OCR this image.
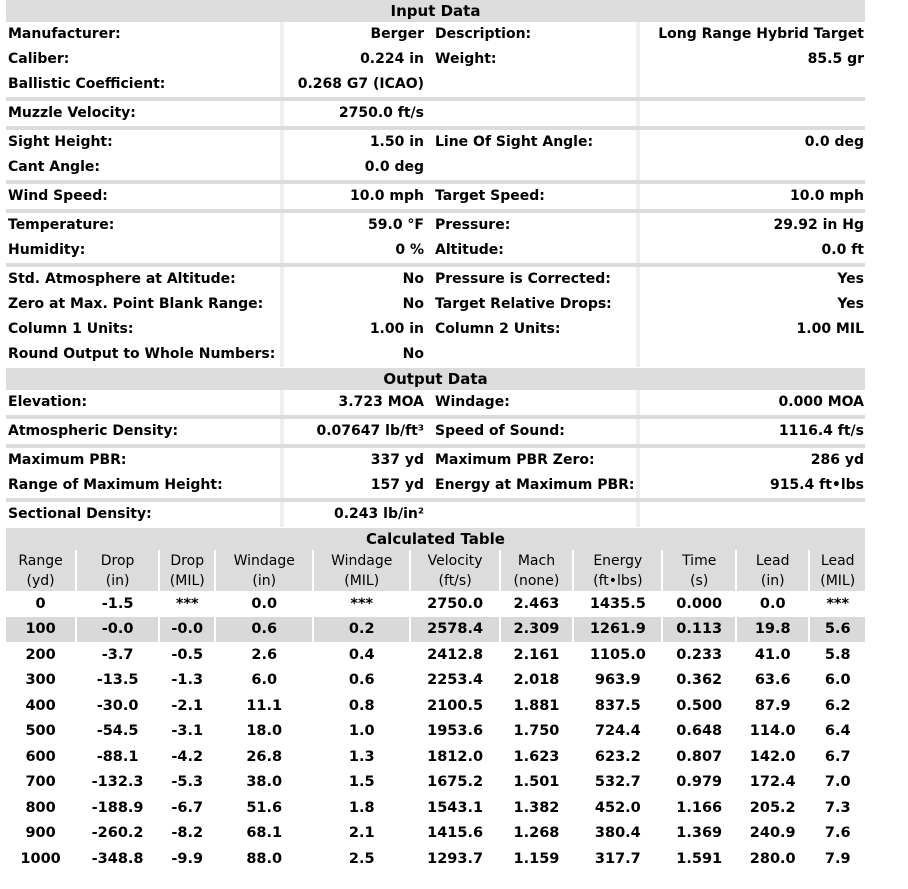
Input Data
Manufacturer:	Berger Description:	Long Range Hybrid Target
Caliber:	0.224 in Weight:	85.5 gr
Ballistic Coefficient:	0.268 G7 (ICAO)
Muzzle Velocity:	2750.0 ft/s
Sight Height:	1.50 in Line Of Sight Angle:	0.0 deg
Cant Angle:	0.0 deg
Wind Speed:	10.0 mph Target Speed:	10.0 mph
Temperature:	59.0 °F Pressure:	29.92 in Hg
Humidity:	0 % Altitude:	0.0 ft
Std. Atmosphere at Altitude:	No Pressure is Corrected:	Yes
Zero at Max. Point Blank Range:	No Target Relative Drops:	Yes
Column 1 Units:	1.00 in Column 2 Units:	1.00 MIL
Round Output to Whole Numbers:	No
Output Data
Elevation:	3.723 MOA Windage:	0.000 MOA
Atmospheric Density:	0.07647 lb/ft³ Speed of Sound:	1116.4 ft/s
Maximum PBR:	337 yd Maximum PBR Zero:	286 yd
Range of Maximum Height:	157 yd Energy at Maximum PBR:	915.4 ft•lbs
Sectional Density:	0.243 lb/in²
Calculated Table
Range	Drop	Drop	Windage	Windage	Velocity	Mach	Energy	Time	Lead	Lead
(yd)	(in)	(MIL)	(in)	(MIL)	(ft/s)	(none)	(ft•lbs)	(s)	(in)	(MIL)
0	-1.5	***	0.0	***	2750.0	2.463	1435.5	0.000	0.0	***
100	-0.0	-0.0	0.6	0.2	2578.4	2.309	1261.9	0.113	19.8	5.6
200	-3.7	-0.5	2.6	0.4	2412.8	2.161	1105.0	0.233	41.0	5.8
300	-13.5	-1.3	6.0	0.6	2253.4	2.018	963.9	0.362	63.6	6.0
400	-30.0	-2.1	11.1	0.8	2100.5	1.881	837.5	0.500	87.9	6.2
500	-54.5	-3.1	18.0	1.0	1953.6	1.750	724.4	0.648	114.0	6.4
600	-88.1	-4.2	26.8	1.3	1812.0	1.623	623.2	0.807	142.0	6.7
700	-132.3	-5.3	38.0	1.5	1675.2	1.501	532.7	0.979	172.4	7.0
800	-188.9	-6.7	51.6	1.8	1543.1	1.382	452.0	1.166	205.2	7.3
900	-260.2	-8.2	68.1	2.1	1415.6	1.268	380.4	1.369	240.9	7.6
1000	-348.8	-9.9	88.0	2.5	1293.7	1.159	317.7	1.591	280.0	7.9
